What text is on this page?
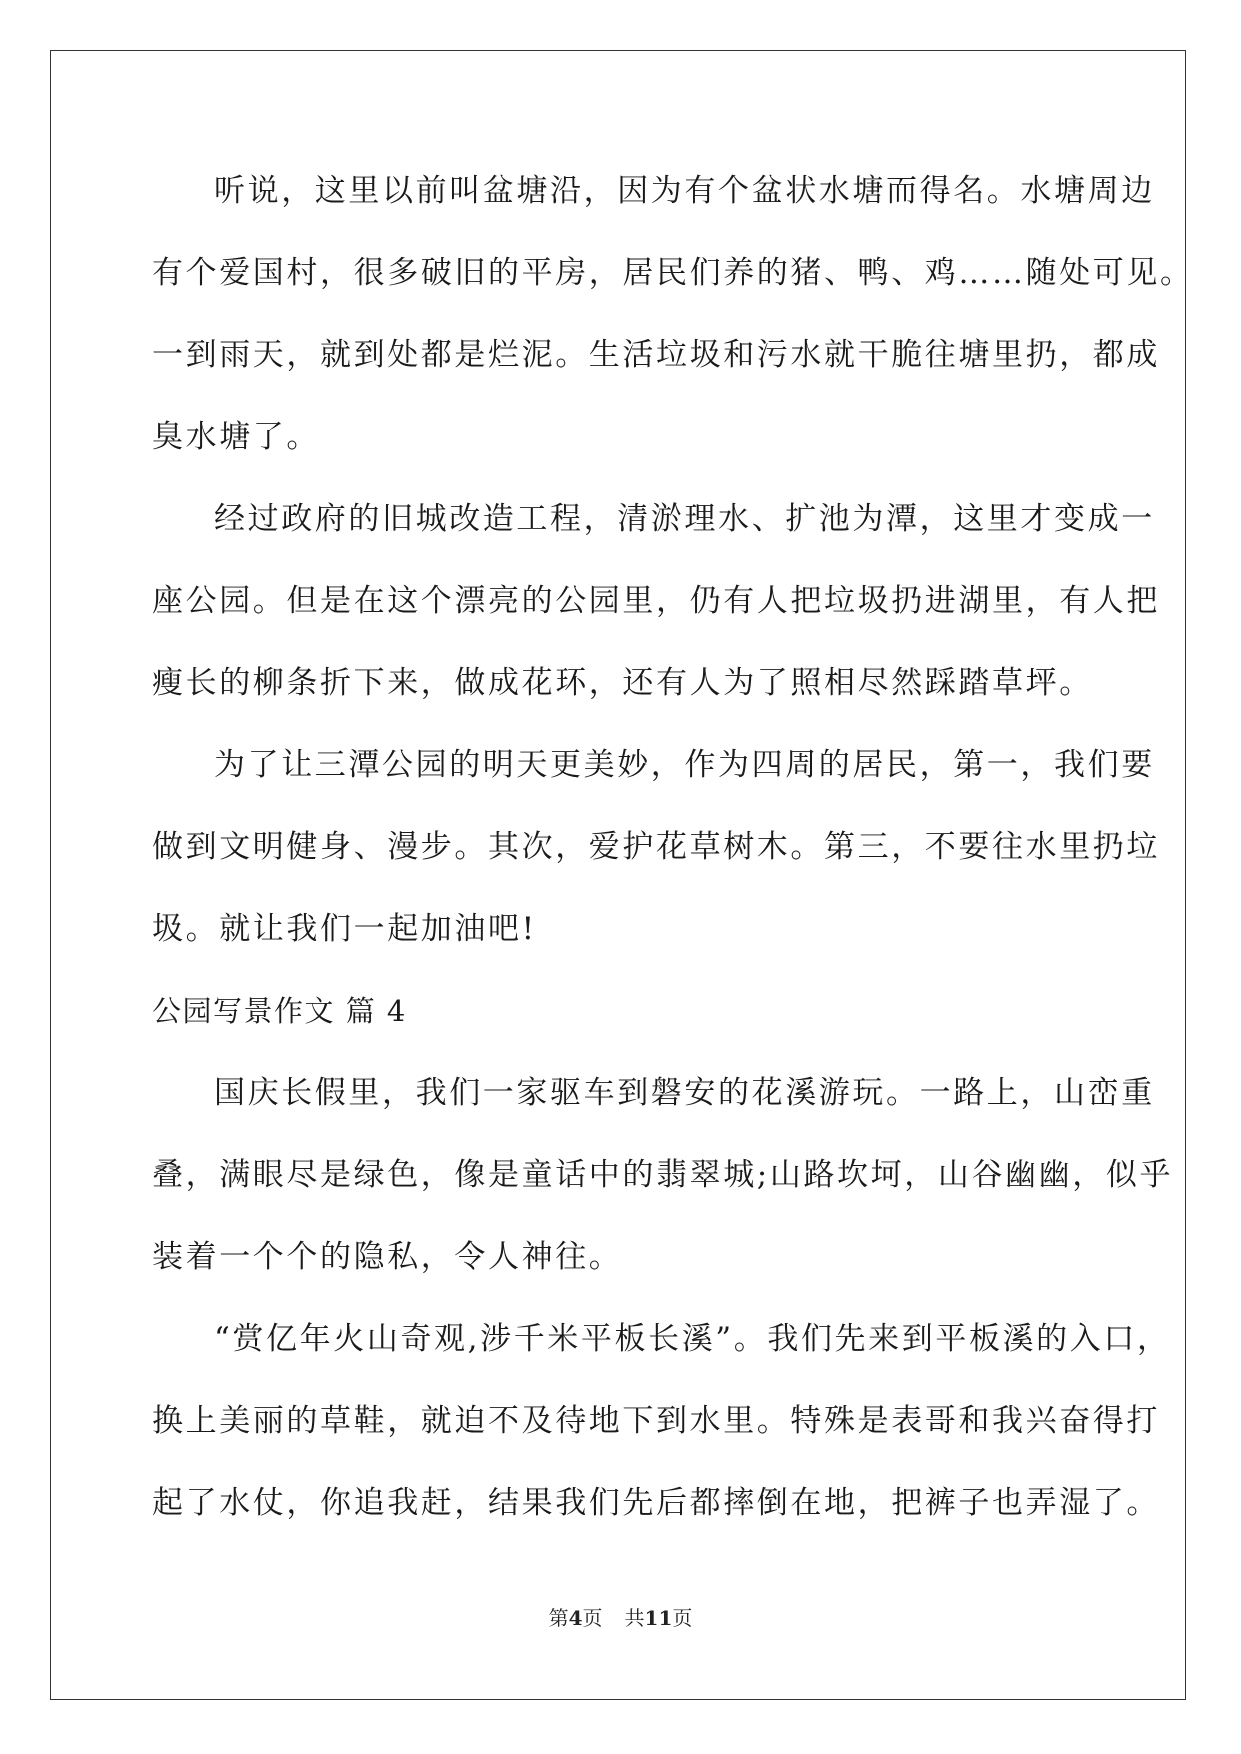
听说，这里以前叫盆塘沿，因为有个盆状水塘而得名。水塘周边
有个爱国村，很多破旧的平房，居民们养的猪、鸭、鸡……随处可见。
一到雨天，就到处都是烂泥。生活垃圾和污水就干脆往塘里扔，都成
臭水塘了。
经过政府的旧城改造工程，清淤理水、扩池为潭，这里才变成一
座公园。但是在这个漂亮的公园里，仍有人把垃圾扔进湖里，有人把
瘦长的柳条折下来，做成花环，还有人为了照相尽然踩踏草坪。
为了让三潭公园的明天更美妙，作为四周的居民，第一，我们要
做到文明健身、漫步。其次，爱护花草树木。第三，不要往水里扔垃
圾。就让我们一起加油吧!
公园写景作文 篇 4
国庆长假里，我们一家驱车到磐安的花溪游玩。一路上，山峦重
叠，满眼尽是绿色，像是童话中的翡翠城;山路坎坷，山谷幽幽，似乎
装着一个个的隐私，令人神往。
“赏亿年火山奇观,涉千米平板长溪”。我们先来到平板溪的入口，
换上美丽的草鞋，就迫不及待地下到水里。特殊是表哥和我兴奋得打
起了水仗，你追我赶，结果我们先后都摔倒在地，把裤子也弄湿了。
第4页 共11页
